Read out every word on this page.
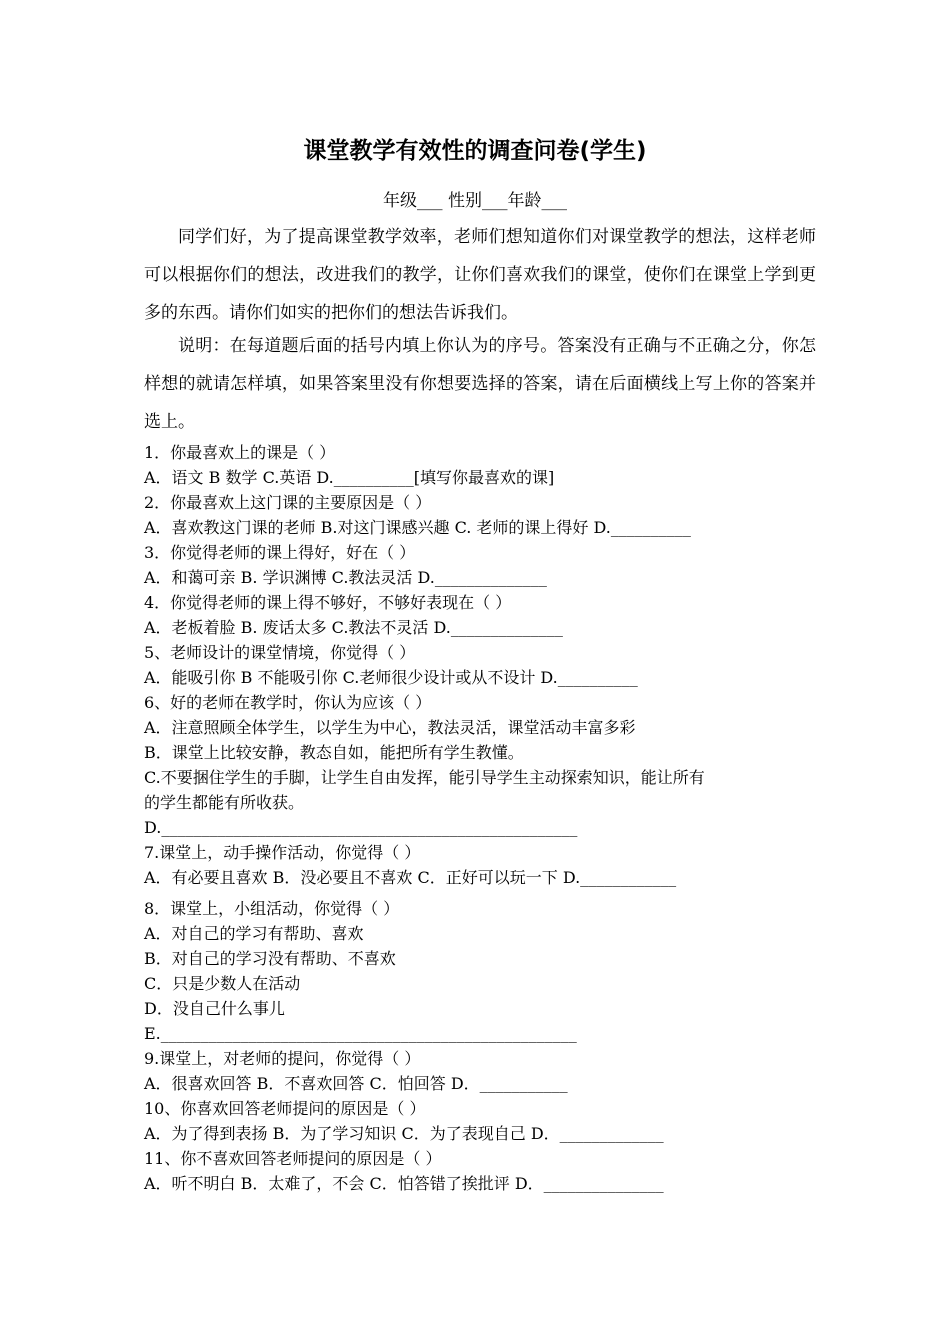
课堂教学有效性的调查问卷(学生)
年级___ 性别___年龄___
同学们好，为了提高课堂教学效率，老师们想知道你们对课堂教学的想法，这样老师可以根据你们的想法，改进我们的教学，让你们喜欢我们的课堂，使你们在课堂上学到更多的东西。请你们如实的把你们的想法告诉我们。
说明：在每道题后面的括号内填上你认为的序号。答案没有正确与不正确之分，你怎样想的就请怎样填，如果答案里没有你想要选择的答案，请在后面横线上写上你的答案并选上。
1．你最喜欢上的课是（ ）
A．语文 B 数学 C.英语 D.__________[填写你最喜欢的课]
2．你最喜欢上这门课的主要原因是（ ）
A．喜欢教这门课的老师 B.对这门课感兴趣 C. 老师的课上得好 D.__________
3．你觉得老师的课上得好，好在（ ）
A．和蔼可亲 B. 学识渊博 C.教法灵活 D.______________
4．你觉得老师的课上得不够好，不够好表现在（ ）
A．老板着脸 B. 废话太多 C.教法不灵活 D.______________
5、老师设计的课堂情境，你觉得（ ）
A．能吸引你 B 不能吸引你 C.老师很少设计或从不设计 D.__________
6、好的老师在教学时，你认为应该（ ）
A．注意照顾全体学生，以学生为中心，教法灵活，课堂活动丰富多彩
B．课堂上比较安静，教态自如，能把所有学生教懂。
C.不要捆住学生的手脚，让学生自由发挥，能引导学生主动探索知识，能让所有
的学生都能有所收获。
D.____________________________________________________
7.课堂上，动手操作活动，你觉得（ ）
A．有必要且喜欢 B．没必要且不喜欢 C．正好可以玩一下 D.____________
8．课堂上，小组活动，你觉得（ ）
A．对自己的学习有帮助、喜欢
B．对自己的学习没有帮助、不喜欢
C．只是少数人在活动
D．没自己什么事儿
E.____________________________________________________
9.课堂上，对老师的提问，你觉得（ ）
A．很喜欢回答 B．不喜欢回答 C．怕回答 D．___________
10、你喜欢回答老师提问的原因是（ ）
A．为了得到表扬 B．为了学习知识 C．为了表现自己 D．_____________
11、你不喜欢回答老师提问的原因是（ ）
A．听不明白 B．太难了，不会 C．怕答错了挨批评 D．_______________
